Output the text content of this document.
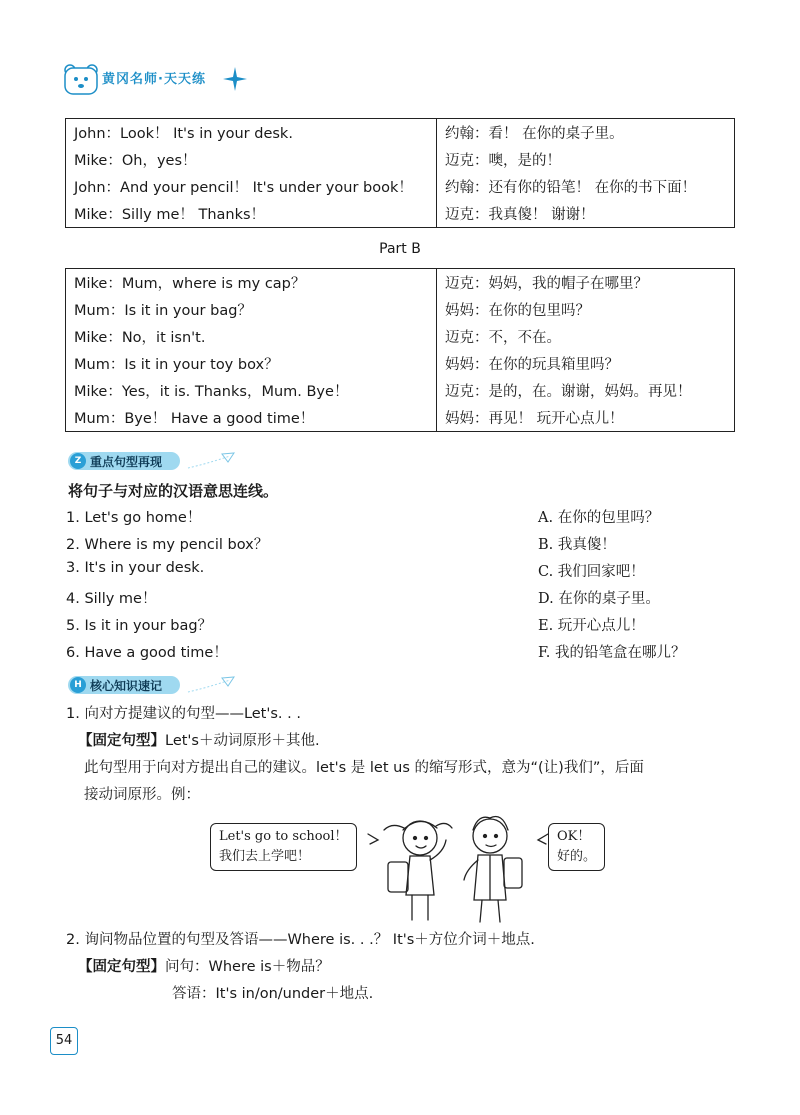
黄冈名师·天天练
John：Look！ It's in your desk.	约翰：看！ 在你的桌子里。
Mike：Oh，yes！	迈克：噢，是的！
John：And your pencil！ It's under your book！	约翰：还有你的铅笔！ 在你的书下面！
Mike：Silly me！ Thanks！	迈克：我真傻！ 谢谢！
Part B
Mike：Mum，where is my cap？	迈克：妈妈，我的帽子在哪里？
Mum：Is it in your bag？	妈妈：在你的包里吗？
Mike：No，it isn't.	迈克：不，不在。
Mum：Is it in your toy box？	妈妈：在你的玩具箱里吗？
Mike：Yes，it is. Thanks，Mum. Bye！	迈克：是的，在。谢谢，妈妈。再见！
Mum：Bye！ Have a good time！	妈妈：再见！ 玩开心点儿！
Z 重点句型再现
将句子与对应的汉语意思连线。
1. Let's go home！
2. Where is my pencil box？
3. It's in your desk.
4. Silly me！
5. Is it in your bag？
6. Have a good time！
A. 在你的包里吗？
B. 我真傻！
C. 我们回家吧！
D. 在你的桌子里。
E. 玩开心点儿！
F. 我的铅笔盒在哪儿？
H 核心知识速记
1. 向对方提建议的句型——Let's. . .
【固定句型】Let's＋动词原形＋其他.
此句型用于向对方提出自己的建议。let's 是 let us 的缩写形式，意为“(让)我们”，后面
接动词原形。例：
Let's go to school！
我们去上学吧！
OK！
好的。
2. 询问物品位置的句型及答语——Where is. . .？ It's＋方位介词＋地点.
【固定句型】问句：Where is＋物品？
答语：It's in/on/under＋地点.
54
